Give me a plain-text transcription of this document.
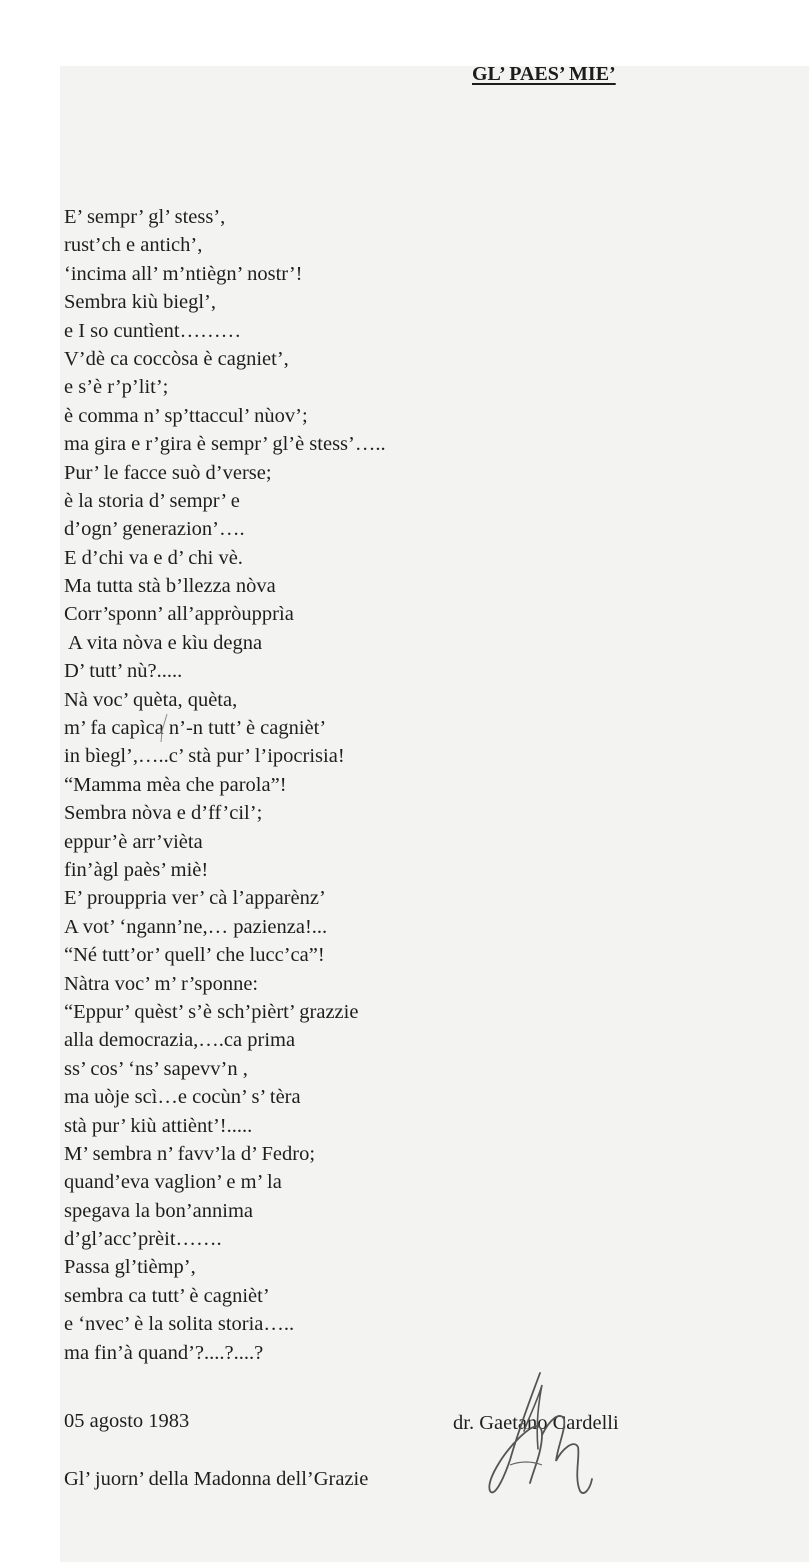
GL’ PAES’ MIE’
E’ sempr’ gl’ stess’,
rust’ch e antich’,
‘incima all’ m’ntiègn’ nostr’!
Sembra kiù biegl’,
e I so cuntìent………
V’dè ca coccòsa è cagniet’,
e s’è r’p’lit’;
è comma n’ sp’ttaccul’ nùov’;
ma gira e r’gira è sempr’ gl’è stess’…..
Pur’ le facce suò d’verse;
è la storia d’ sempr’ e
d’ogn’ generazion’….
E d’chi va e d’ chi vè.
Ma tutta stà b’llezza nòva
Corr’sponn’ all’appròupprìa
A vita nòva e kìu degna
D’ tutt’ nù?.....
Nà voc’ quèta, quèta,
m’ fa capìca n’-n tutt’ è cagnièt’
in bìegl’,…..c’ stà pur’ l’ipocrisia!
“Mamma mèa che parola”!
Sembra nòva e d’ff’cil’;
eppur’è arr’vièta
fin’àgl paès’ miè!
E’ prouppria ver’ cà l’apparènz’
A vot’ ‘ngann’ne,… pazienza!...
“Né tutt’or’ quell’ che lucc’ca”!
Nàtra voc’ m’ r’sponne:
“Eppur’ quèst’ s’è sch’pièrt’ grazzie
alla democrazia,….ca prima
ss’ cos’ ‘ns’ sapevv’n ,
ma uòje scì…e cocùn’ s’ tèra
stà pur’ kiù attiènt’!.....
M’ sembra n’ favv’la d’ Fedro;
quand’eva vaglion’ e m’ la
spegava la bon’annima
d’gl’acc’prèit…….
Passa gl’tièmp’,
sembra ca tutt’ è cagnièt’
e ‘nvec’ è la solita storia…..
ma fin’à quand’?....?....?

05 agosto 1983	dr. Gaetano Cardelli

Gl’ juorn’ della Madonna dell’Grazie
